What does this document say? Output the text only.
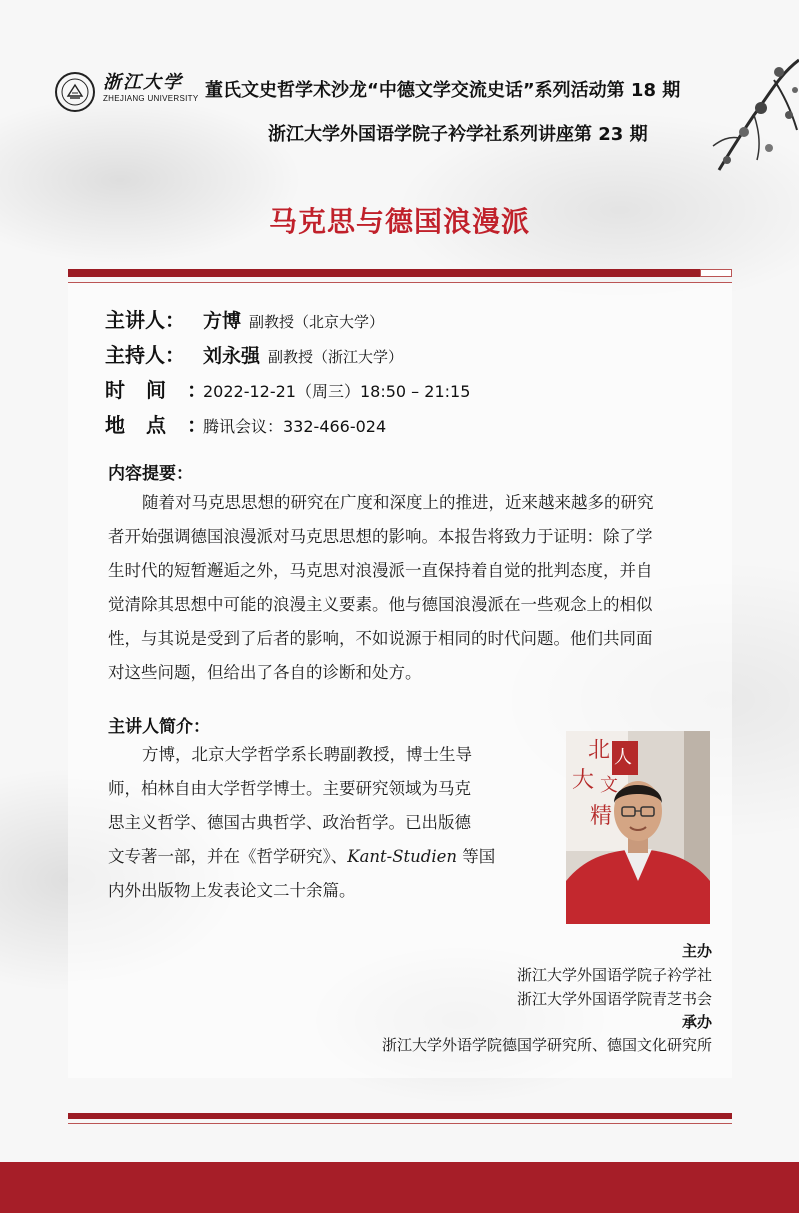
浙江大学
ZHEJIANG UNIVERSITY 董氏文史哲学术沙龙“中德文学交流史话”系列活动第 18 期
浙江大学外国语学院子衿学社系列讲座第 23 期
马克思与德国浪漫派
主讲人： 方博 副教授（北京大学）
主持人： 刘永强 副教授（浙江大学）
时间：
2022-12-21（周三）18:50 – 21:15
地点：
腾讯会议：332-466-024
内容提要：
随着对马克思思想的研究在广度和深度上的推进，近来越来越多的研究
者开始强调德国浪漫派对马克思思想的影响。本报告将致力于证明：除了学
生时代的短暂邂逅之外，马克思对浪漫派一直保持着自觉的批判态度，并自
觉清除其思想中可能的浪漫主义要素。他与德国浪漫派在一些观念上的相似
性，与其说是受到了后者的影响，不如说源于相同的时代问题。他们共同面
对这些问题，但给出了各自的诊断和处方。
主讲人简介：
方博，北京大学哲学系长聘副教授，博士生导
师，柏林自由大学哲学博士。主要研究领域为马克
思主义哲学、德国古典哲学、政治哲学。已出版德
文专著一部，并在《哲学研究》、Kant-Studien 等国
内外出版物上发表论文二十余篇。
北
大
人
文
精
主办
浙江大学外国语学院子衿学社
浙江大学外国语学院青芝书会
承办
浙江大学外语学院德国学研究所、德国文化研究所
